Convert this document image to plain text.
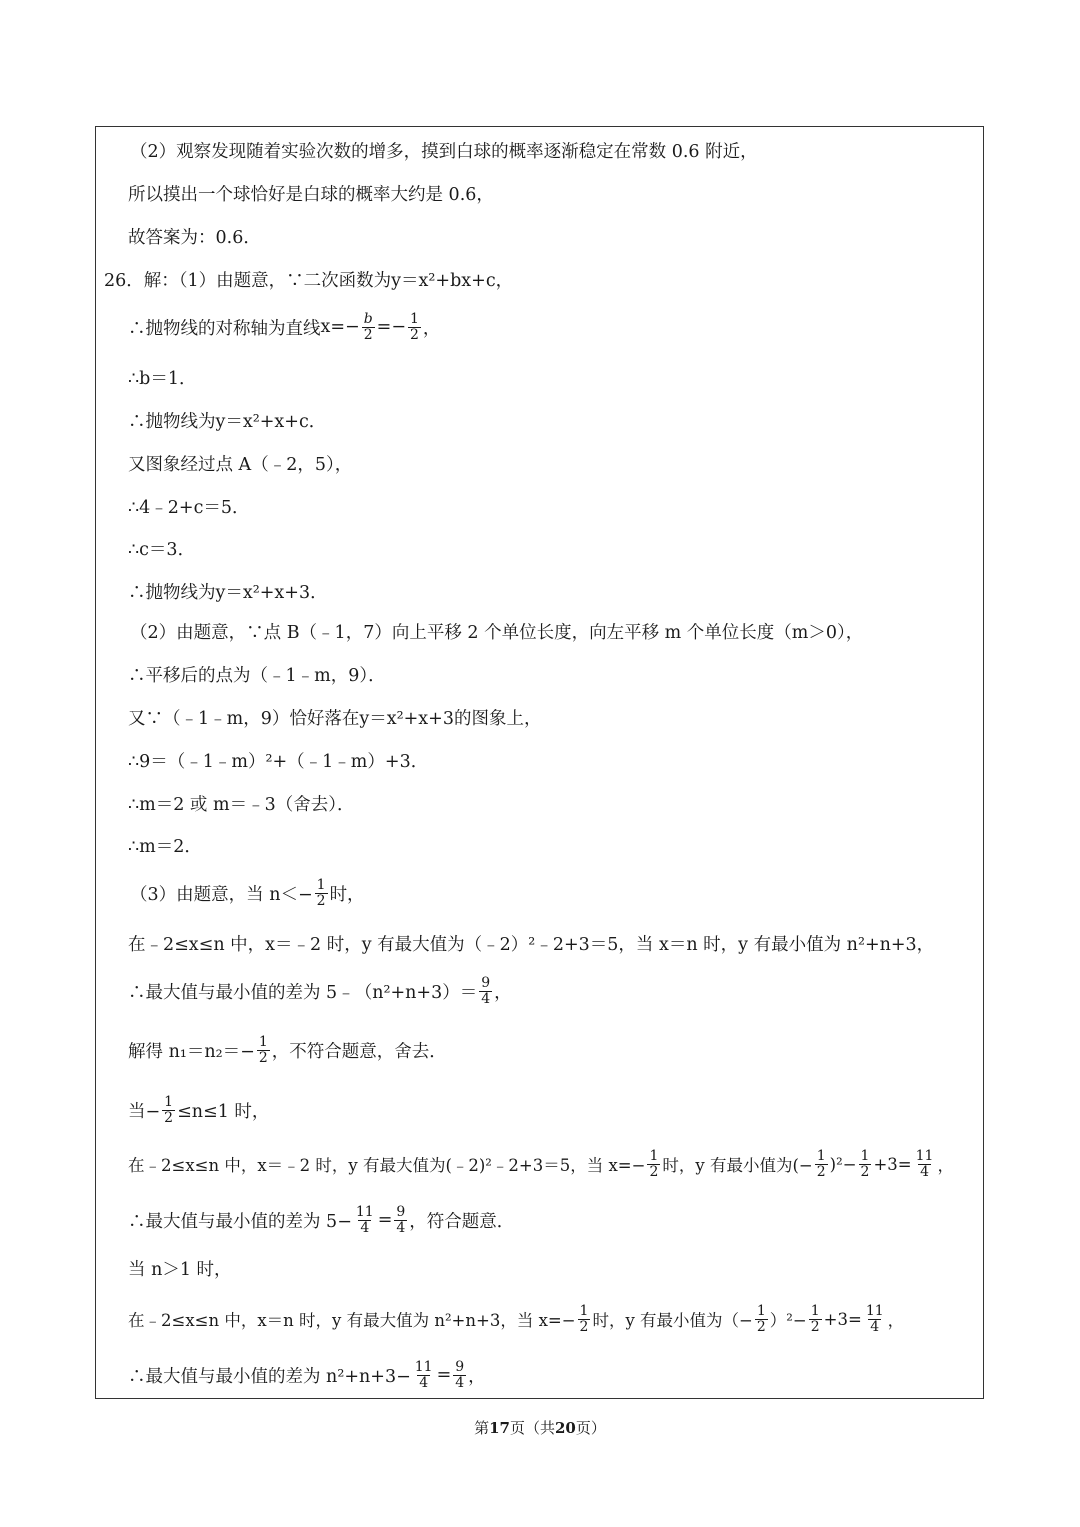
（2）观察发现随着实验次数的增多，摸到白球的概率逐渐稳定在常数 0.6 附近，
所以摸出一个球恰好是白球的概率大约是 0.6，
故答案为：0.6．
26．解：（1）由题意，∵二次函数为 y＝x²+bx+c，
∴抛物线的对称轴为直线 $x=- \frac{b}{2} =- \frac{1}{2}$ ，
∴b＝1．
∴抛物线为 y＝x²+x+c．
又图象经过点 A（﹣2，5），
∴4﹣2+c＝5．
∴c＝3．
∴抛物线为 y＝x²+x+3．
（2）由题意，∵点 B（﹣1，7）向上平移 2 个单位长度，向左平移 m 个单位长度（m＞0），
∴平移后的点为（﹣1﹣m，9）．
又∵（﹣1﹣m，9）恰好落在 y＝x²+x+3 的图象上，
∴9＝（﹣1﹣m）²+（﹣1﹣m）+3．
∴m＝2 或 m＝﹣3（舍去）．
∴m＝2．
（3）由题意，当 $n<- \frac{1}{2}$ 时，
在﹣2≤x≤n 中，x＝﹣2 时，y 有最大值为（﹣2）²﹣2+3＝5，当 x＝n 时，y 有最小值为 n²+n+3，
∴最大值与最小值的差为 5﹣（n²+n+3）＝ $\frac{9}{4}$ ，
解得 $n_1=n_2=- \frac{1}{2}$ ，不符合题意，舍去．
当− $\frac{1}{2} \le n\le 1$ 时，
在﹣2≤x≤n 中，x＝﹣2 时，y 有最大值为(﹣2)²﹣2+3＝5，当 $x=- \frac{1}{2}$ 时，y 有最小值为(− $\frac{1}{2} )^2- \frac{1}{2} +3= \frac{11}{4}$ ，
∴最大值与最小值的差为 $5- \frac{11}{4} = \frac{9}{4}$ ，符合题意．
当 n＞1 时，
在﹣2≤x≤n 中，x＝n 时，y 有最大值为 n²+n+3，当 $x=- \frac{1}{2}$ 时，y 有最小值为（− $\frac{1}{2} )^2- \frac{1}{2} +3= \frac{11}{4}$ ，
∴最大值与最小值的差为 $n^2+n+3- \frac{11}{4} = \frac{9}{4}$ ，
第17页（共20页）
